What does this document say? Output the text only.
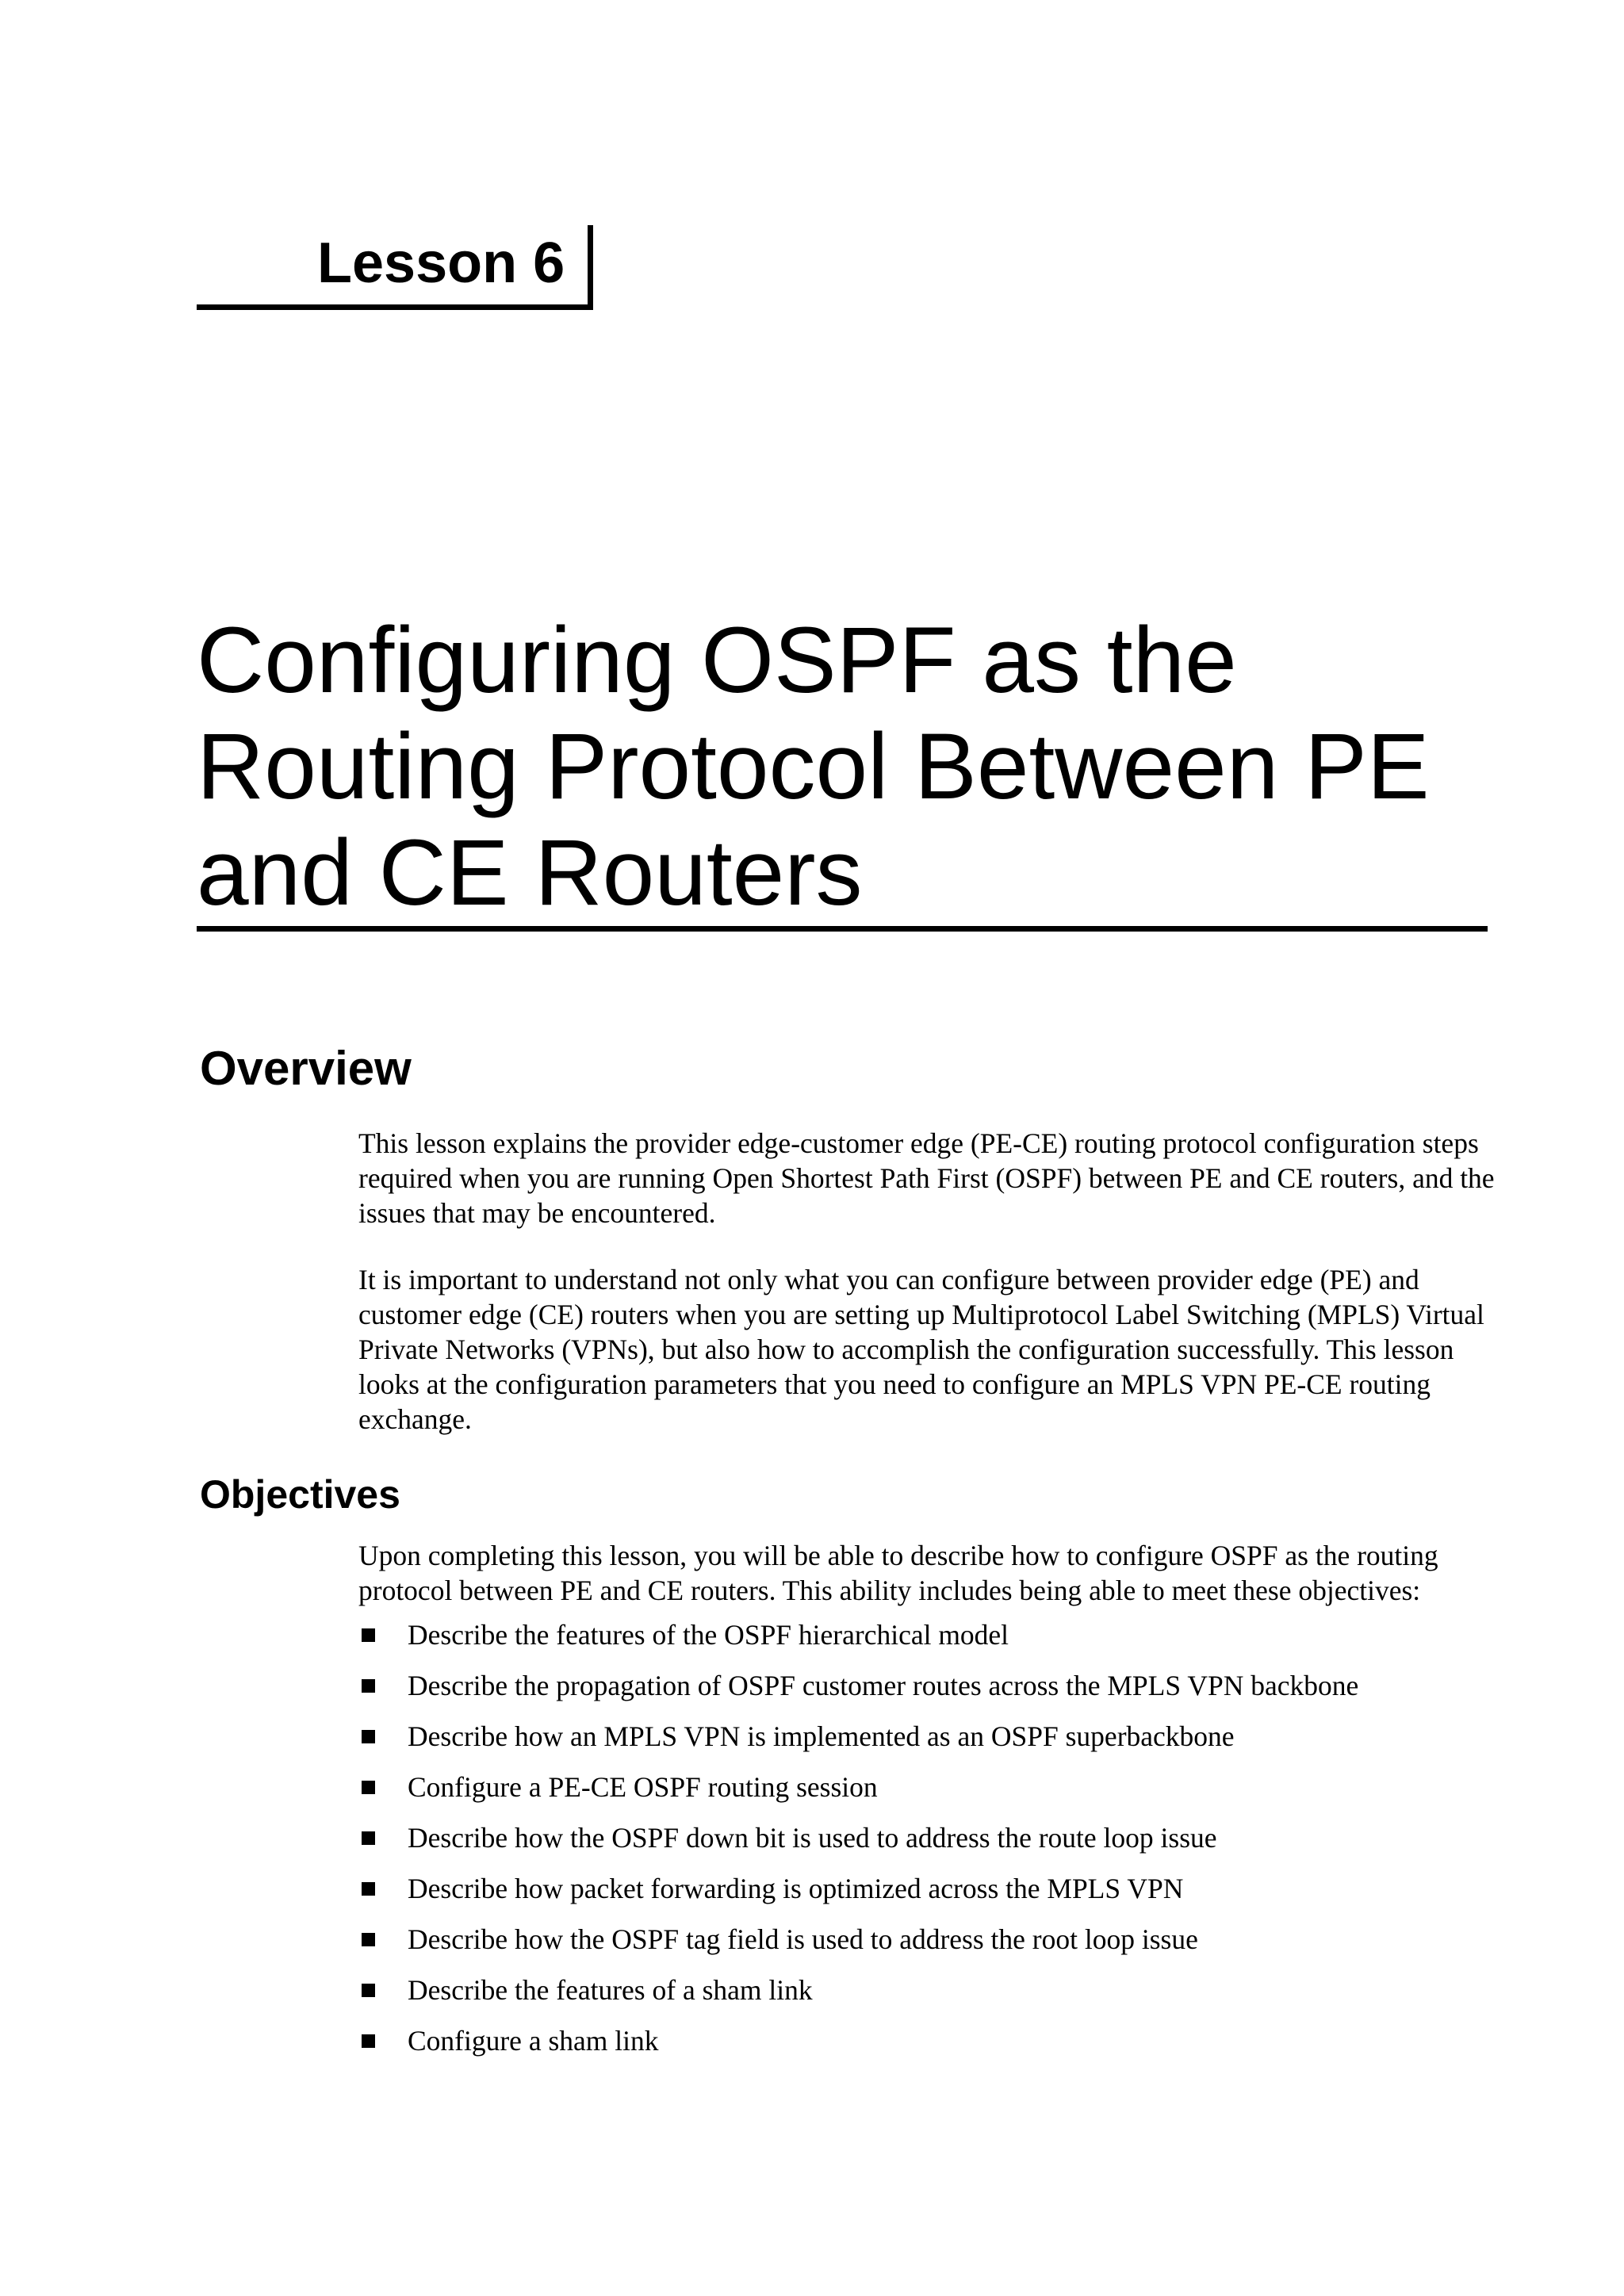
Lesson 6
Configuring OSPF as the
Routing Protocol Between PE
and CE Routers
Overview

This lesson explains the provider edge-customer edge (PE-CE) routing protocol configuration steps required when you are running Open Shortest Path First (OSPF) between PE and CE routers, and the issues that may be encountered.

It is important to understand not only what you can configure between provider edge (PE) and customer edge (CE) routers when you are setting up Multiprotocol Label Switching (MPLS) Virtual Private Networks (VPNs), but also how to accomplish the configuration successfully. This lesson looks at the configuration parameters that you need to configure an MPLS VPN PE-CE routing exchange.

Objectives

Upon completing this lesson, you will be able to describe how to configure OSPF as the routing protocol between PE and CE routers. This ability includes being able to meet these objectives:

Describe the features of the OSPF hierarchical model
Describe the propagation of OSPF customer routes across the MPLS VPN backbone
Describe how an MPLS VPN is implemented as an OSPF superbackbone
Configure a PE-CE OSPF routing session
Describe how the OSPF down bit is used to address the route loop issue
Describe how packet forwarding is optimized across the MPLS VPN
Describe how the OSPF tag field is used to address the root loop issue
Describe the features of a sham link
Configure a sham link
